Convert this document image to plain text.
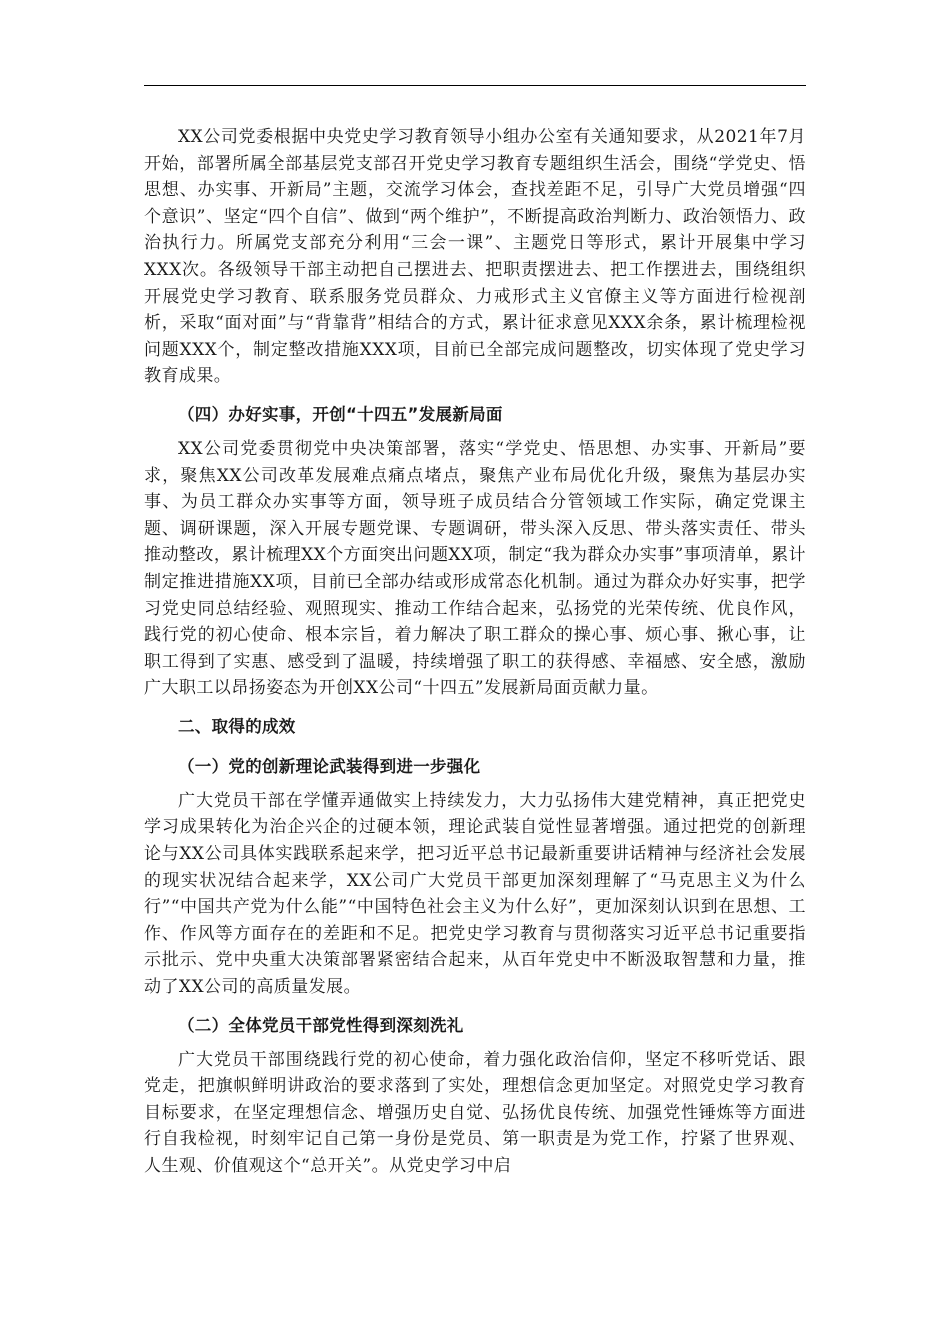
XX公司党委根据中央党史学习教育领导小组办公室有关通知要求，从2021年7月开始，部署所属全部基层党支部召开党史学习教育专题组织生活会，围绕“学党史、悟思想、办实事、开新局”主题，交流学习体会，查找差距不足，引导广大党员增强“四个意识”、坚定“四个自信”、做到“两个维护”，不断提高政治判断力、政治领悟力、政治执行力。所属党支部充分利用“三会一课”、主题党日等形式，累计开展集中学习XXX次。各级领导干部主动把自己摆进去、把职责摆进去、把工作摆进去，围绕组织开展党史学习教育、联系服务党员群众、力戒形式主义官僚主义等方面进行检视剖析，采取“面对面”与“背靠背”相结合的方式，累计征求意见XXX余条，累计梳理检视问题XXX个，制定整改措施XXX项，目前已全部完成问题整改，切实体现了党史学习教育成果。

（四）办好实事，开创“十四五”发展新局面

XX公司党委贯彻党中央决策部署，落实“学党史、悟思想、办实事、开新局”要求，聚焦XX公司改革发展难点痛点堵点，聚焦产业布局优化升级，聚焦为基层办实事、为员工群众办实事等方面，领导班子成员结合分管领域工作实际，确定党课主题、调研课题，深入开展专题党课、专题调研，带头深入反思、带头落实责任、带头推动整改，累计梳理XX个方面突出问题XX项，制定“我为群众办实事”事项清单，累计制定推进措施XX项，目前已全部办结或形成常态化机制。通过为群众办好实事，把学习党史同总结经验、观照现实、推动工作结合起来，弘扬党的光荣传统、优良作风，践行党的初心使命、根本宗旨，着力解决了职工群众的操心事、烦心事、揪心事，让职工得到了实惠、感受到了温暖，持续增强了职工的获得感、幸福感、安全感，激励广大职工以昂扬姿态为开创XX公司“十四五”发展新局面贡献力量。

二、取得的成效

（一）党的创新理论武装得到进一步强化

广大党员干部在学懂弄通做实上持续发力，大力弘扬伟大建党精神，真正把党史学习成果转化为治企兴企的过硬本领，理论武装自觉性显著增强。通过把党的创新理论与XX公司具体实践联系起来学，把习近平总书记最新重要讲话精神与经济社会发展的现实状况结合起来学，XX公司广大党员干部更加深刻理解了“马克思主义为什么行”“中国共产党为什么能”“中国特色社会主义为什么好”，更加深刻认识到在思想、工作、作风等方面存在的差距和不足。把党史学习教育与贯彻落实习近平总书记重要指示批示、党中央重大决策部署紧密结合起来，从百年党史中不断汲取智慧和力量，推动了XX公司的高质量发展。

（二）全体党员干部党性得到深刻洗礼

广大党员干部围绕践行党的初心使命，着力强化政治信仰，坚定不移听党话、跟党走，把旗帜鲜明讲政治的要求落到了实处，理想信念更加坚定。对照党史学习教育目标要求，在坚定理想信念、增强历史自觉、弘扬优良传统、加强党性锤炼等方面进行自我检视，时刻牢记自己第一身份是党员、第一职责是为党工作，拧紧了世界观、人生观、价值观这个“总开关”。从党史学习中启
